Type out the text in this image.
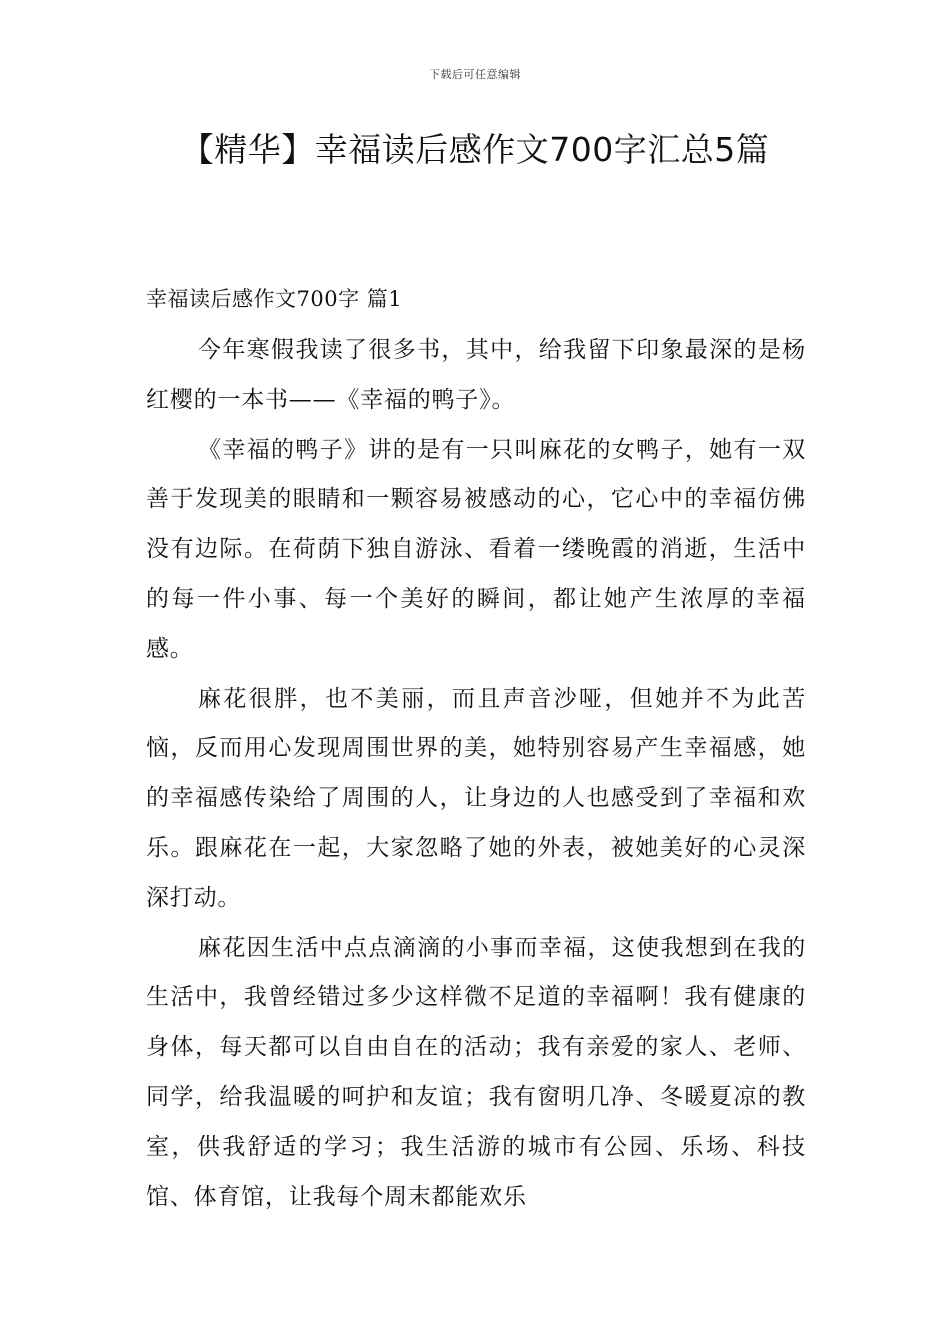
下载后可任意编辑
【精华】幸福读后感作文700字汇总5篇
幸福读后感作文700字 篇1

今年寒假我读了很多书，其中，给我留下印象最深的是杨红樱的一本书——《幸福的鸭子》。

《幸福的鸭子》讲的是有一只叫麻花的女鸭子，她有一双善于发现美的眼睛和一颗容易被感动的心，它心中的幸福仿佛没有边际。在荷荫下独自游泳、看着一缕晚霞的消逝，生活中的每一件小事、每一个美好的瞬间，都让她产生浓厚的幸福感。

麻花很胖，也不美丽，而且声音沙哑，但她并不为此苦恼，反而用心发现周围世界的美，她特别容易产生幸福感，她的幸福感传染给了周围的人，让身边的人也感受到了幸福和欢乐。跟麻花在一起，大家忽略了她的外表，被她美好的心灵深深打动。

麻花因生活中点点滴滴的小事而幸福，这使我想到在我的生活中，我曾经错过多少这样微不足道的幸福啊！我有健康的身体，每天都可以自由自在的活动；我有亲爱的家人、老师、同学，给我温暖的呵护和友谊；我有窗明几净、冬暖夏凉的教室，供我舒适的学习；我生活游的城市有公园、乐场、科技馆、体育馆，让我每个周末都能欢乐
